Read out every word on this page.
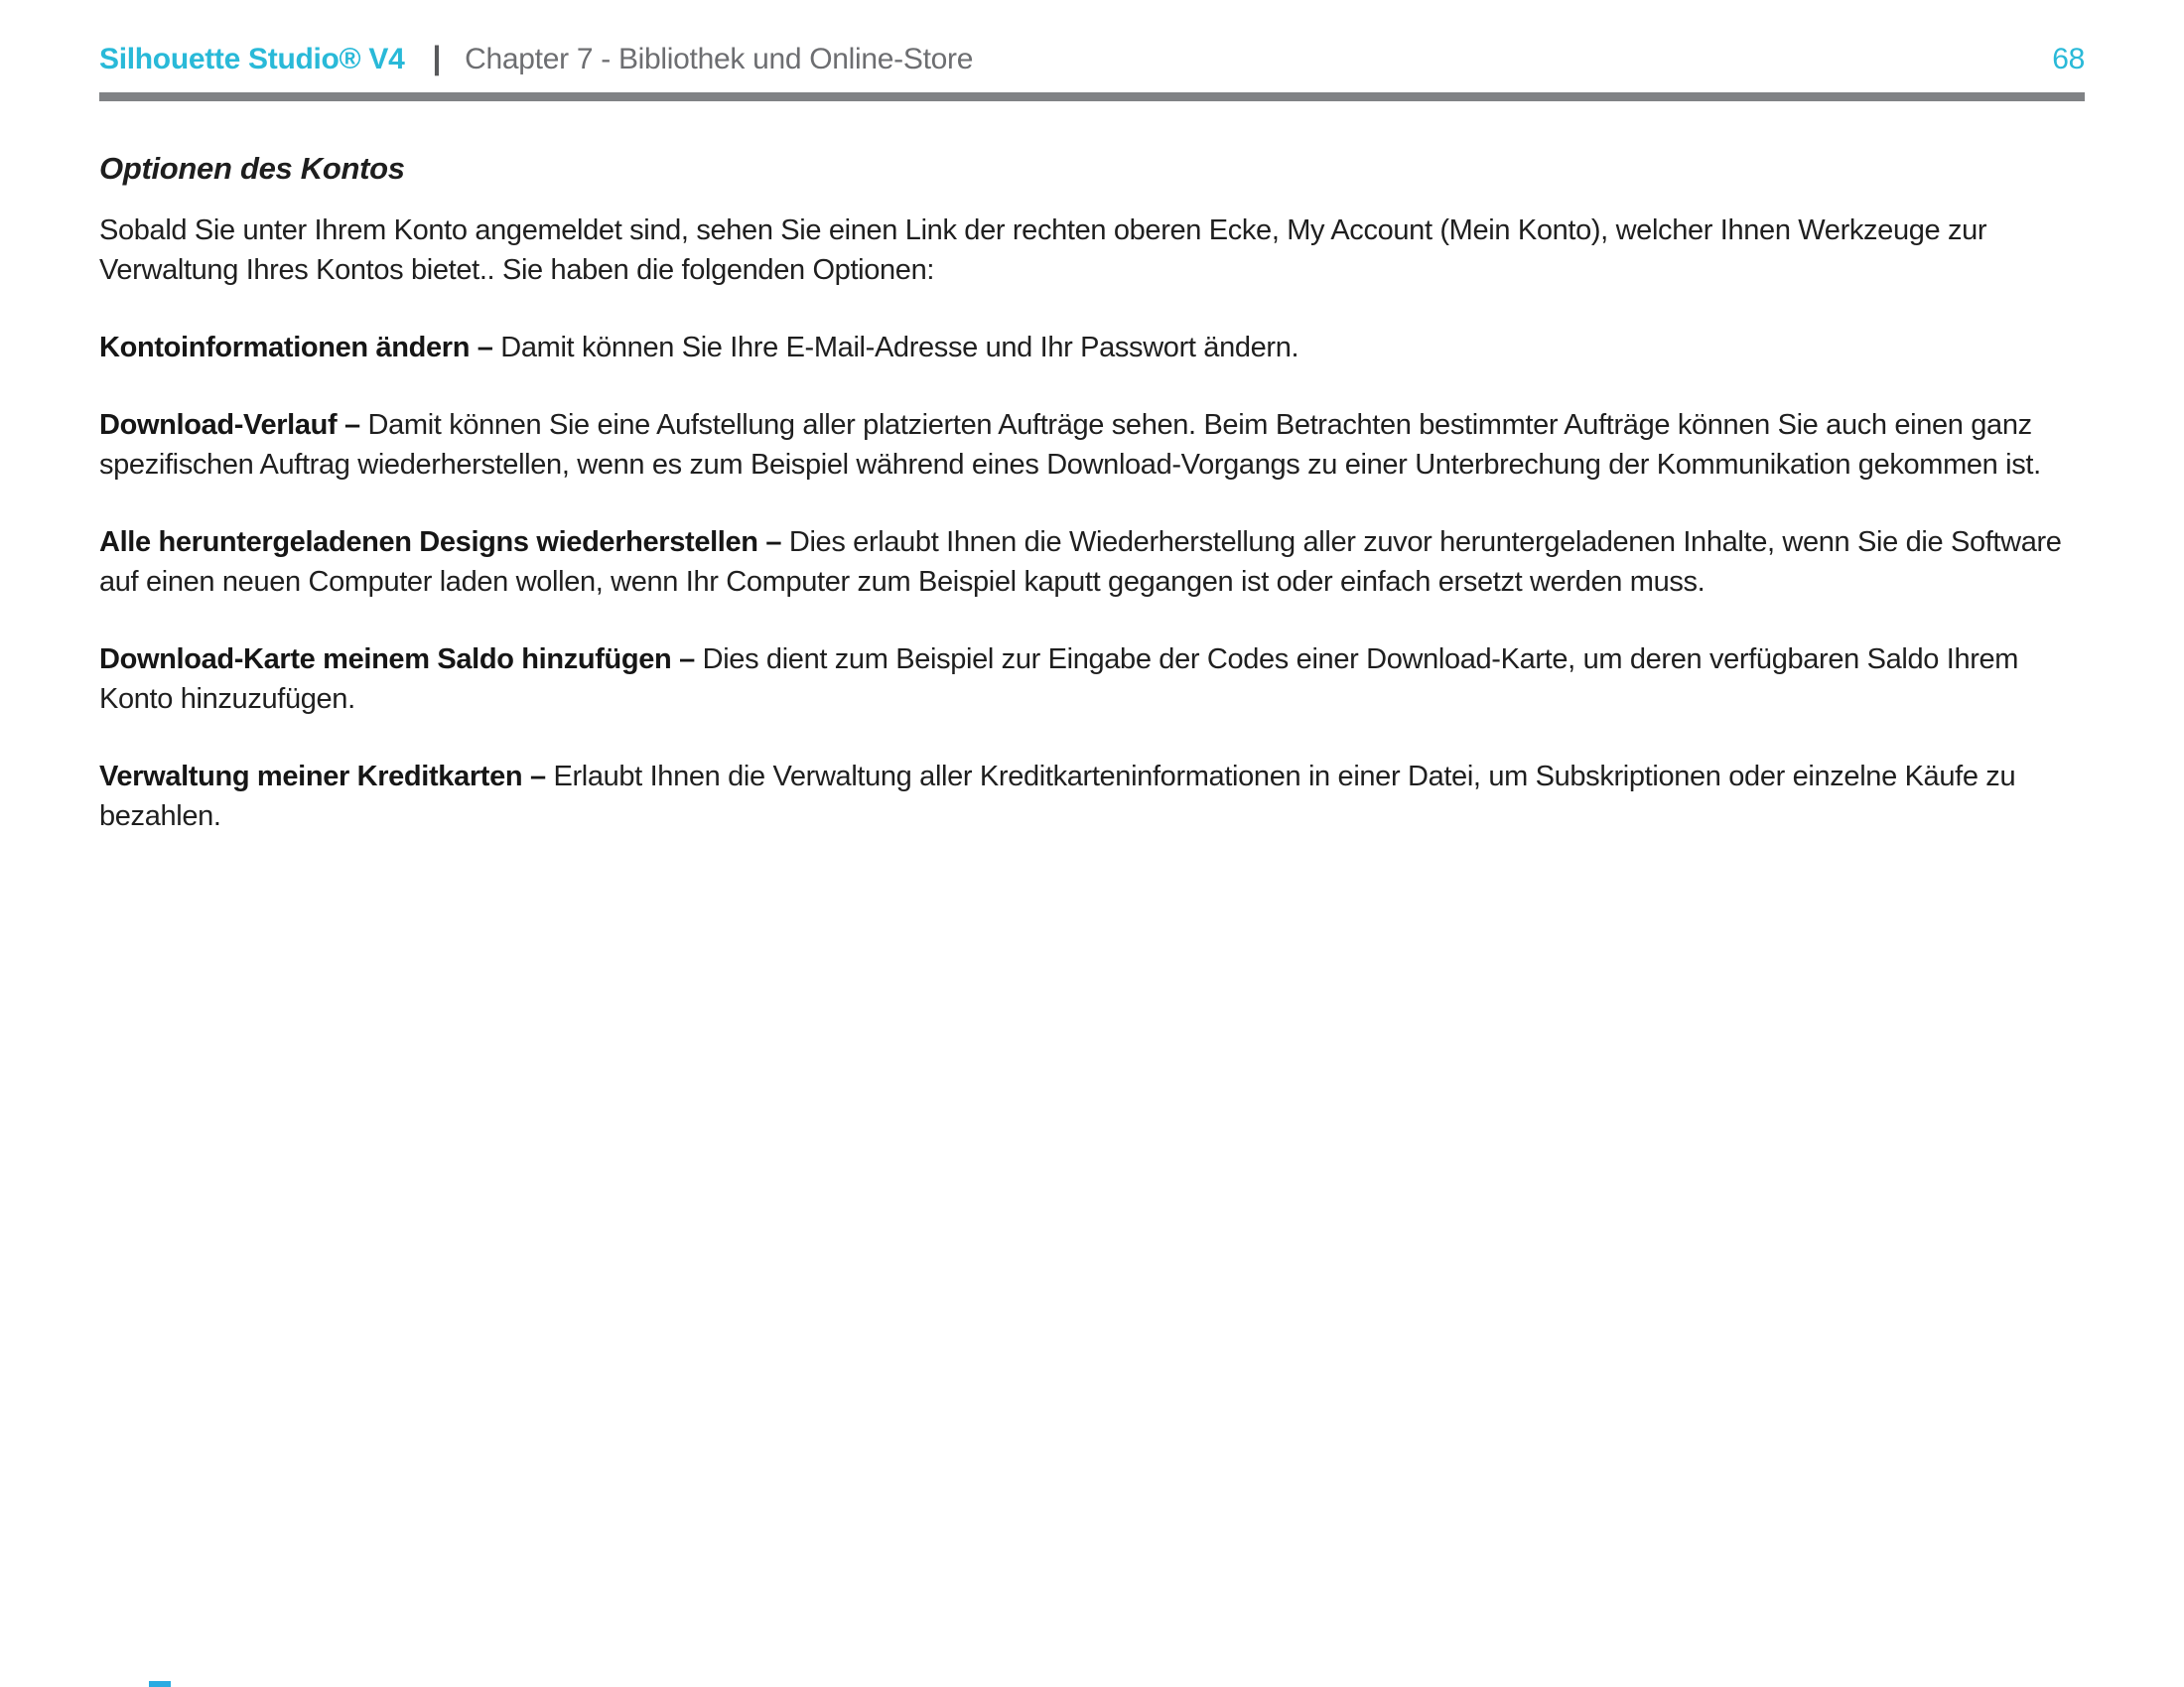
Silhouette Studio® V4 | Chapter 7 - Bibliothek und Online-Store	68
Optionen des Kontos

Sobald Sie unter Ihrem Konto angemeldet sind, sehen Sie einen Link der rechten oberen Ecke, My Account (Mein Konto), welcher Ihnen Werkzeuge zur Verwaltung Ihres Kontos bietet.. Sie haben die folgenden Optionen:

Kontoinformationen ändern – Damit können Sie Ihre E-Mail-Adresse und Ihr Passwort ändern.

Download-Verlauf – Damit können Sie eine Aufstellung aller platzierten Aufträge sehen. Beim Betrachten bestimmter Aufträge können Sie auch einen ganz spezifischen Auftrag wiederherstellen, wenn es zum Beispiel während eines Download-Vorgangs zu einer Unterbrechung der Kommunikation gekommen ist.

Alle heruntergeladenen Designs wiederherstellen – Dies erlaubt Ihnen die Wiederherstellung aller zuvor heruntergeladenen Inhalte, wenn Sie die Software auf einen neuen Computer laden wollen, wenn Ihr Computer zum Beispiel kaputt gegangen ist oder einfach ersetzt werden muss.

Download-Karte meinem Saldo hinzufügen – Dies dient zum Beispiel zur Eingabe der Codes einer Download-Karte, um deren verfügbaren Saldo Ihrem Konto hinzuzufügen.

Verwaltung meiner Kreditkarten – Erlaubt Ihnen die Verwaltung aller Kreditkarteninformationen in einer Datei, um Subskriptionen oder einzelne Käufe zu bezahlen.
